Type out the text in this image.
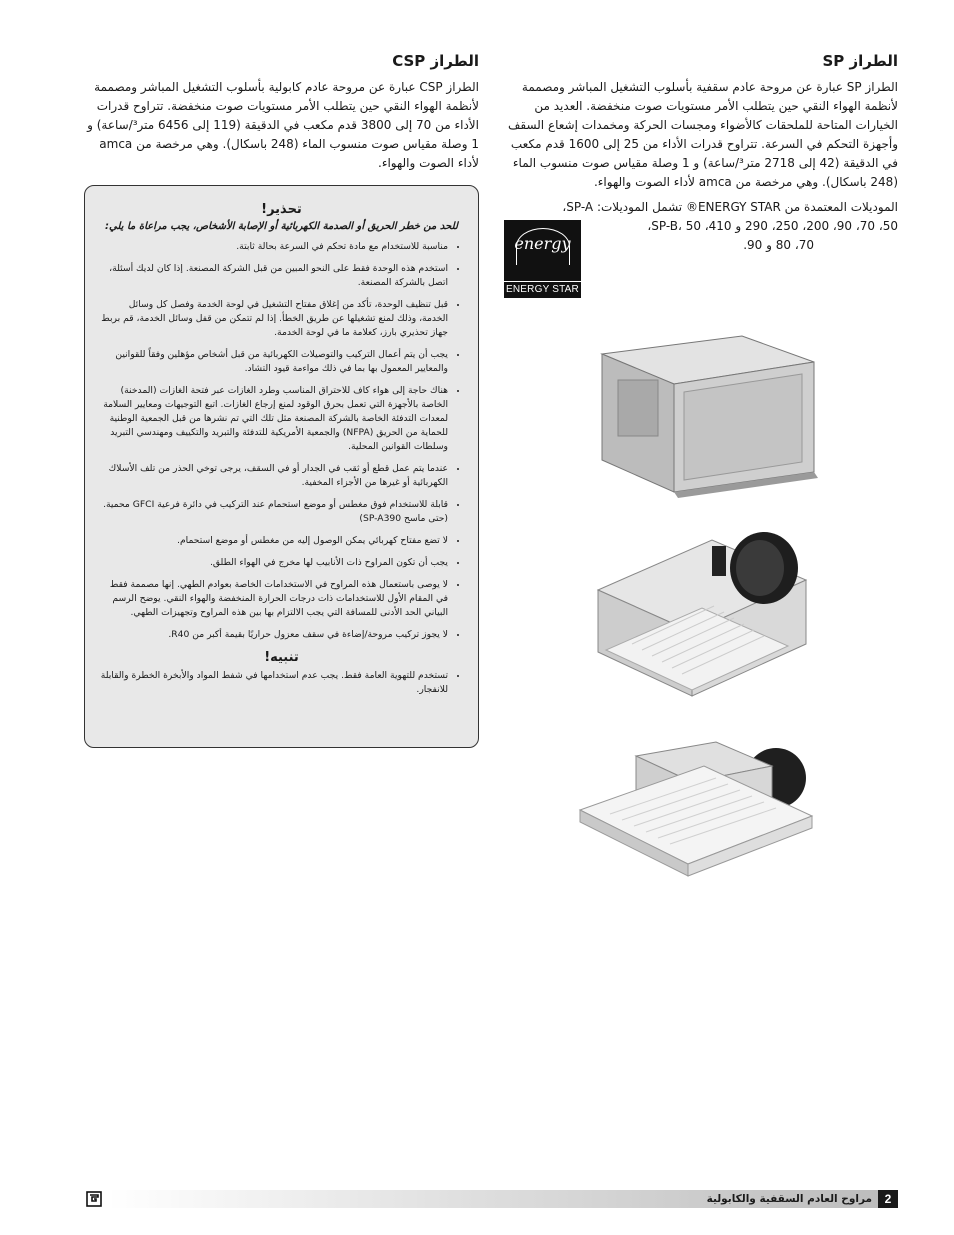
الطراز SP

الطراز SP عبارة عن مروحة عادم سقفية بأسلوب التشغيل المباشر ومصممة لأنظمة الهواء النقي حين يتطلب الأمر مستويات صوت منخفضة. العديد من الخيارات المتاحة للملحقات كالأضواء ومجسات الحركة ومخمدات إشعاع السقف وأجهزة التحكم في السرعة. تتراوح قدرات الأداء من 25 إلى 1600 قدم مكعب في الدقيقة (42 إلى 2718 متر³/ساعة) و 1 وصلة مقياس صوت منسوب الماء (248 باسكال). وهي مرخصة من amca لأداء الصوت والهواء.

الموديلات المعتمدة من ENERGY STAR® تشمل الموديلات: SP-A،
50، 70، 90، 200، 250، 290 و 410، SP-B، 50،

70، 80 و 90.

energy
ENERGY STAR
الطراز CSP

الطراز CSP عبارة عن مروحة عادم كابولية بأسلوب التشغيل المباشر ومصممة لأنظمة الهواء النقي حين يتطلب الأمر مستويات صوت منخفضة. تتراوح قدرات الأداء من 70 إلى 3800 قدم مكعب في الدقيقة (119 إلى 6456 متر³/ساعة) و 1 وصلة مقياس صوت منسوب الماء (248 باسكال). وهي مرخصة من amca لأداء الصوت والهواء.

تحذير!

للحد من خطر الحريق أو الصدمة الكهربائية أو الإصابة الأشخاص، يجب مراعاة ما يلي:

• مناسبة للاستخدام مع مادة تحكم في السرعة بحالة ثابتة.
• استخدم هذه الوحدة فقط على النحو المبين من قبل الشركة المصنعة. إذا كان لديك أسئلة، اتصل بالشركة المصنعة.
• قبل تنظيف الوحدة، تأكد من إغلاق مفتاح التشغيل في لوحة الخدمة وفصل كل وسائل الخدمة، وذلك لمنع تشغيلها عن طريق الخطأ. إذا لم تتمكن من قفل وسائل الخدمة، قم بربط جهاز تحذيري بارز، كعلامة ما في لوحة الخدمة.
• يجب أن يتم أعمال التركيب والتوصيلات الكهربائية من قبل أشخاص مؤهلين وفقاً للقوانين والمعايير المعمول بها بما في ذلك مواءمة قيود التشاد.
• هناك حاجة إلى هواء كاف للاحتراق المناسب وطرد الغازات عبر فتحة الغازات (المدخنة) الخاصة بالأجهزة التي تعمل بحرق الوقود لمنع إرجاع الغازات. اتبع التوجيهات ومعايير السلامة لمعدات التدفئة الخاصة بالشركة المصنعة مثل تلك التي تم نشرها من قبل الجمعية الوطنية للحماية من الحريق (NFPA) والجمعية الأمريكية للتدفئة والتبريد والتكييف ومهندسي التبريد وسلطات القوانين المحلية.
• عندما يتم عمل قطع أو ثقب في الجدار أو في السقف، يرجى توخي الحذر من تلف الأسلاك الكهربائية أو غيرها من الأجزاء المخفية.
• قابلة للاستخدام فوق مغطس أو موضع استحمام عند التركيب في دائرة فرعية GFCI محمية. (حتى ماسح SP-A390)
• لا تضع مفتاح كهربائي يمكن الوصول إليه من مغطس أو موضع استحمام.
• يجب أن تكون المراوح ذات الأنابيب لها مخرج في الهواء الطلق.
• لا يوصى باستعمال هذه المراوح في الاستخدامات الخاصة بعوادم الطهي. إنها مصممة فقط في المقام الأول للاستخدامات ذات درجات الحرارة المنخفضة والهواء النقي. يوضح الرسم البياني الحد الأدنى للمسافة التي يجب الالتزام بها بين هذه المراوح وتجهيزات الطهي.
• لا يجوز تركيب مروحة/إضاءة في سقف معزول حراريًا بقيمة أكبر من R40.
تنبيه!
• تستخدم للتهوية العامة فقط. يجب عدم استخدامها في شفط المواد والأبخرة الخطرة والقابلة للانفجار.
2
مراوح العادم السقفية والكابولية
